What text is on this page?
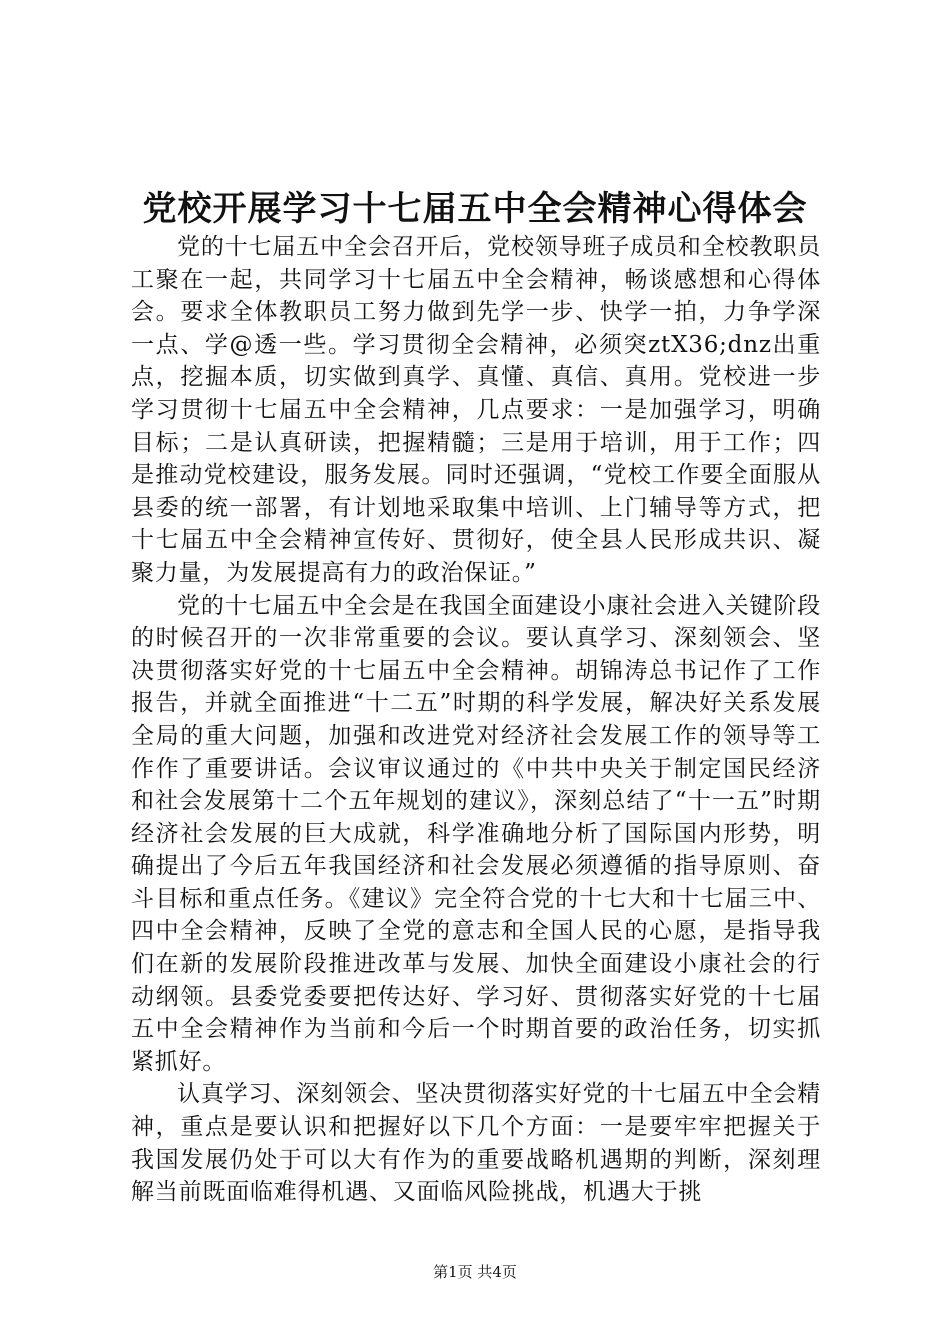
党校开展学习十七届五中全会精神心得体会

党的十七届五中全会召开后，党校领导班子成员和全校教职员工聚在一起，共同学习十七届五中全会精神，畅谈感想和心得体会。要求全体教职员工努力做到先学一步、快学一拍，力争学深一点、学@透一些。学习贯彻全会精神，必须突ztX36;dnz出重点，挖掘本质，切实做到真学、真懂、真信、真用。党校进一步学习贯彻十七届五中全会精神，几点要求：一是加强学习，明确目标；二是认真研读，把握精髓；三是用于培训，用于工作；四是推动党校建设，服务发展。同时还强调，“党校工作要全面服从县委的统一部署，有计划地采取集中培训、上门辅导等方式，把十七届五中全会精神宣传好、贯彻好，使全县人民形成共识、凝聚力量，为发展提高有力的政治保证。”

党的十七届五中全会是在我国全面建设小康社会进入关键阶段的时候召开的一次非常重要的会议。要认真学习、深刻领会、坚决贯彻落实好党的十七届五中全会精神。胡锦涛总书记作了工作报告，并就全面推进“十二五”时期的科学发展，解决好关系发展全局的重大问题，加强和改进党对经济社会发展工作的领导等工作作了重要讲话。会议审议通过的《中共中央关于制定国民经济和社会发展第十二个五年规划的建议》，深刻总结了“十一五”时期经济社会发展的巨大成就，科学准确地分析了国际国内形势，明确提出了今后五年我国经济和社会发展必须遵循的指导原则、奋斗目标和重点任务。《建议》完全符合党的十七大和十七届三中、四中全会精神，反映了全党的意志和全国人民的心愿，是指导我们在新的发展阶段推进改革与发展、加快全面建设小康社会的行动纲领。县委党委要把传达好、学习好、贯彻落实好党的十七届五中全会精神作为当前和今后一个时期首要的政治任务，切实抓紧抓好。

认真学习、深刻领会、坚决贯彻落实好党的十七届五中全会精神，重点是要认识和把握好以下几个方面：一是要牢牢把握关于我国发展仍处于可以大有作为的重要战略机遇期的判断，深刻理解当前既面临难得机遇、又面临风险挑战，机遇大于挑

第1页 共4页
